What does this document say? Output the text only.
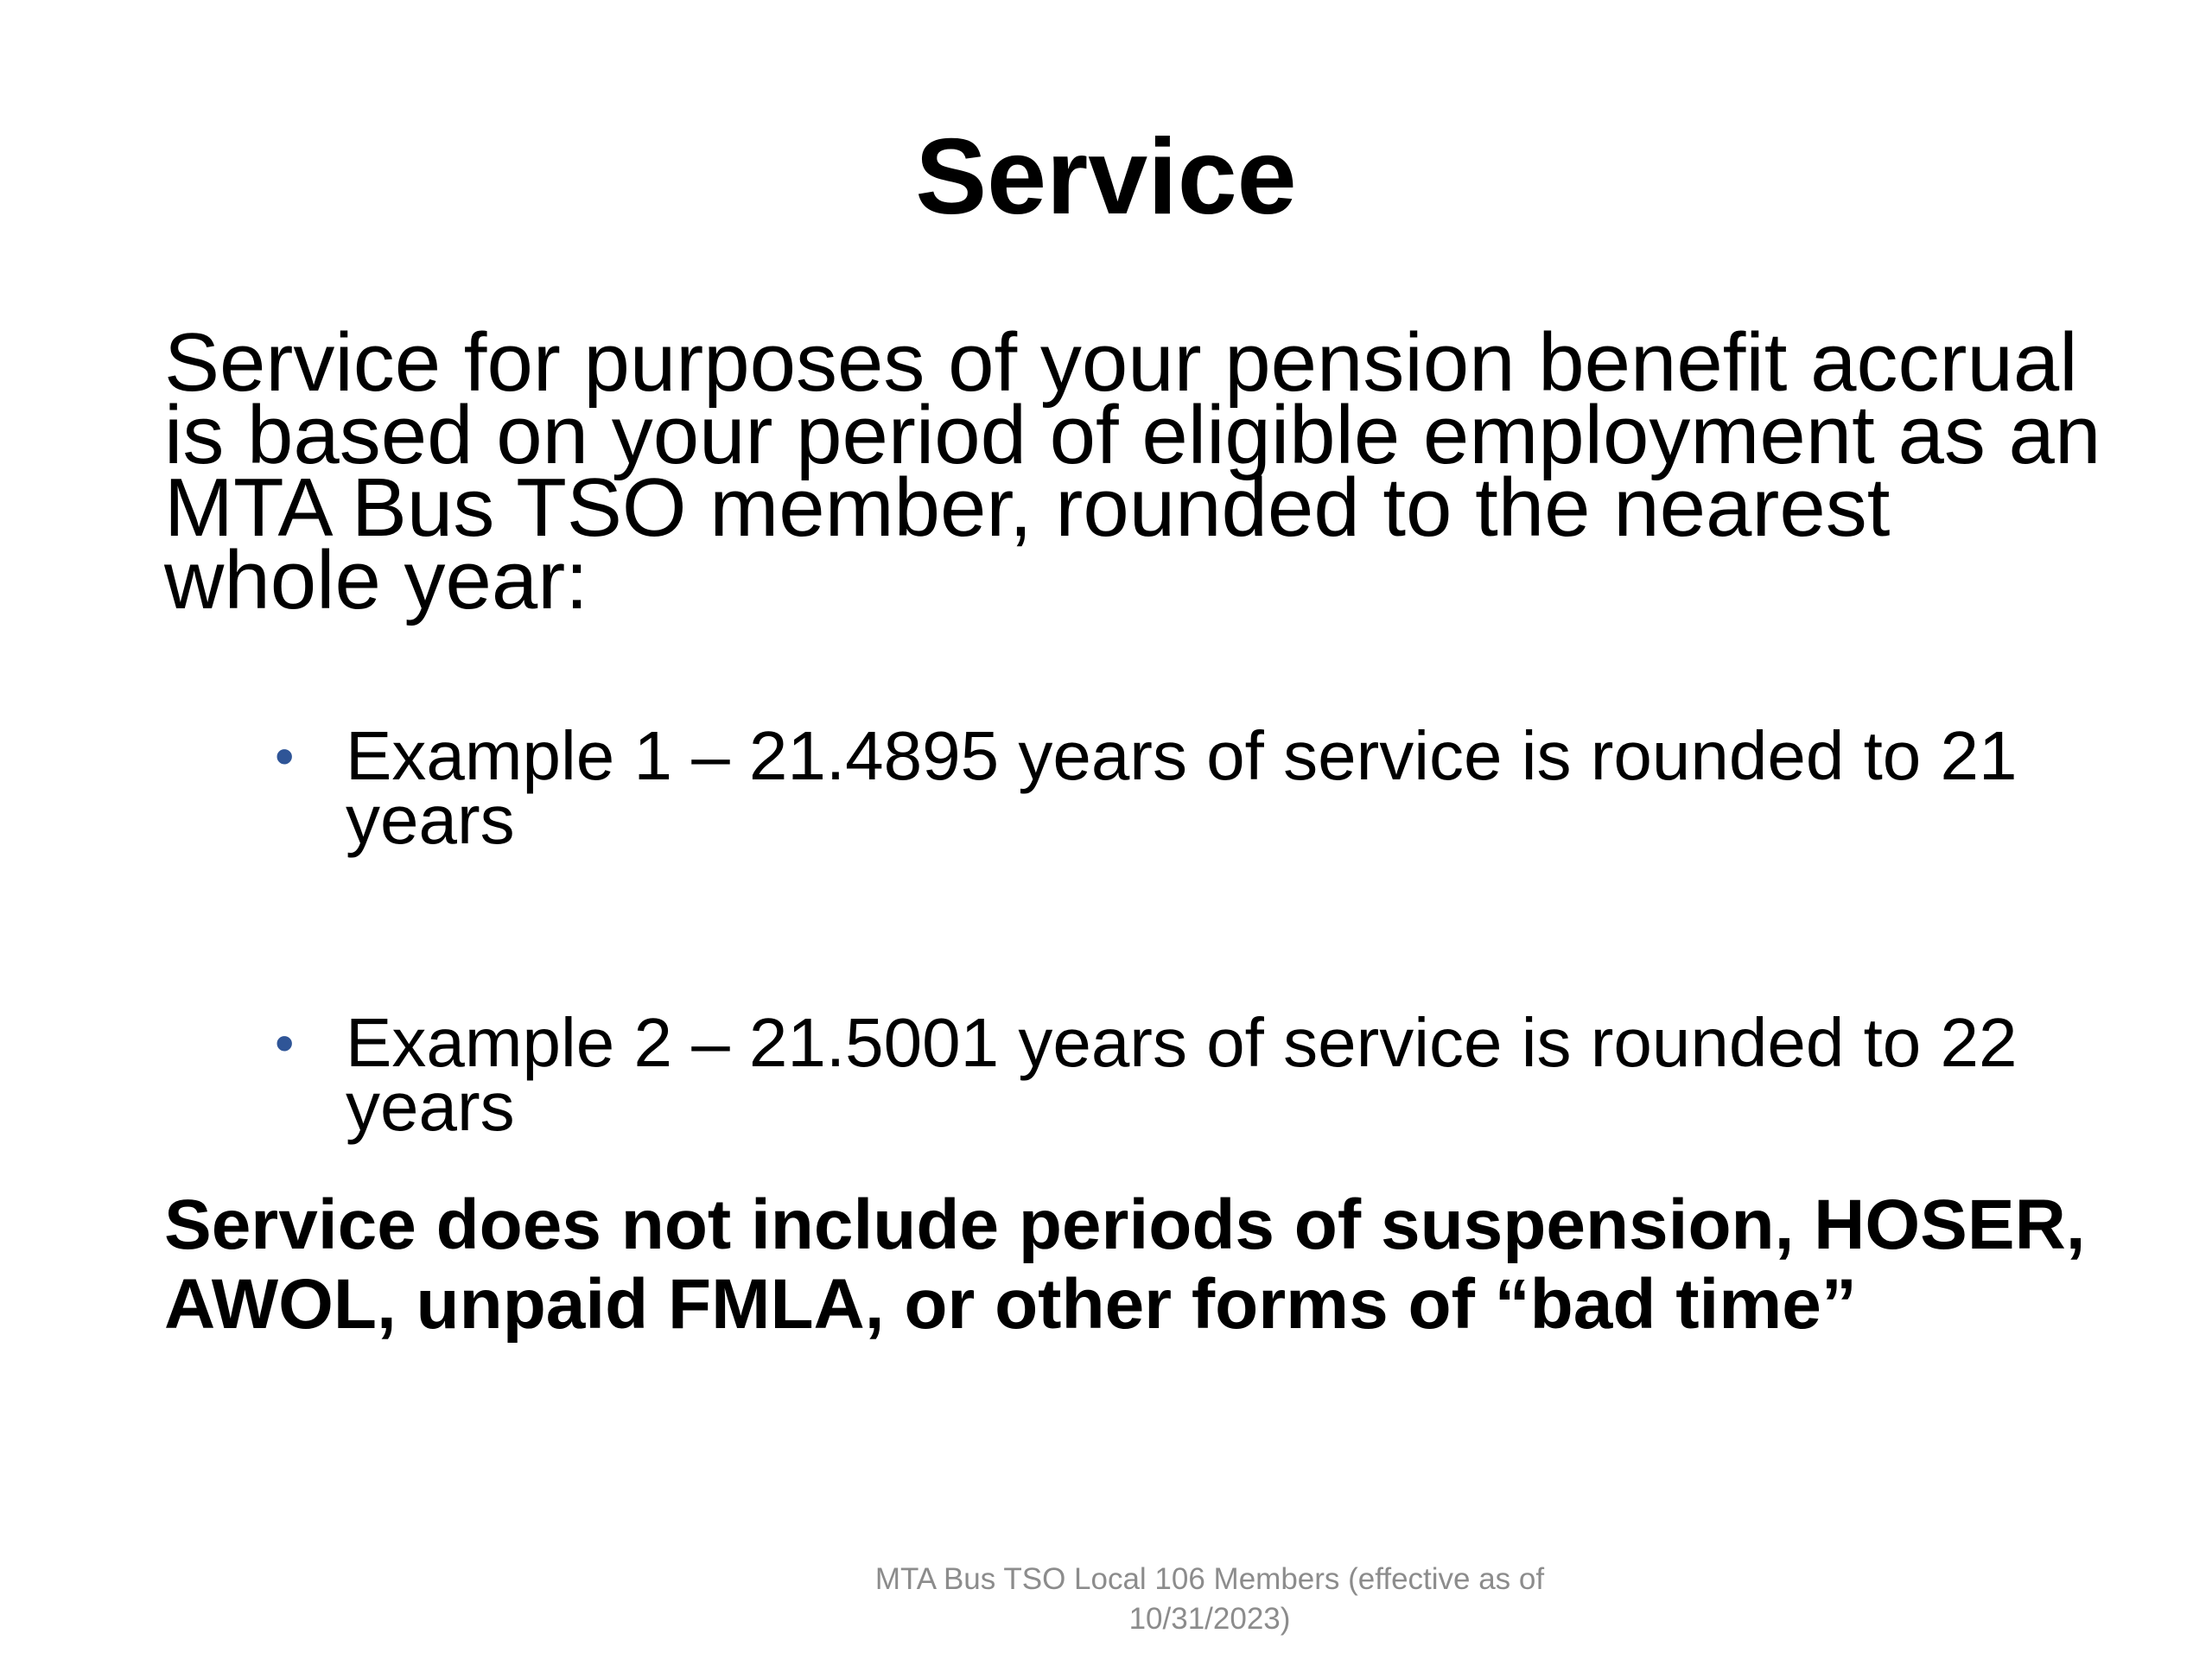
Service

Service for purposes of your pension benefit accrual is based on your period of eligible employment as an MTA Bus TSO member, rounded to the nearest whole year:

• Example 1 – 21.4895 years of service is rounded to 21 years
• Example 2 – 21.5001 years of service is rounded to 22 years

Service does not include periods of suspension, HOSER, AWOL, unpaid FMLA, or other forms of “bad time”

MTA Bus TSO Local 106 Members (effective as of 10/31/2023)
